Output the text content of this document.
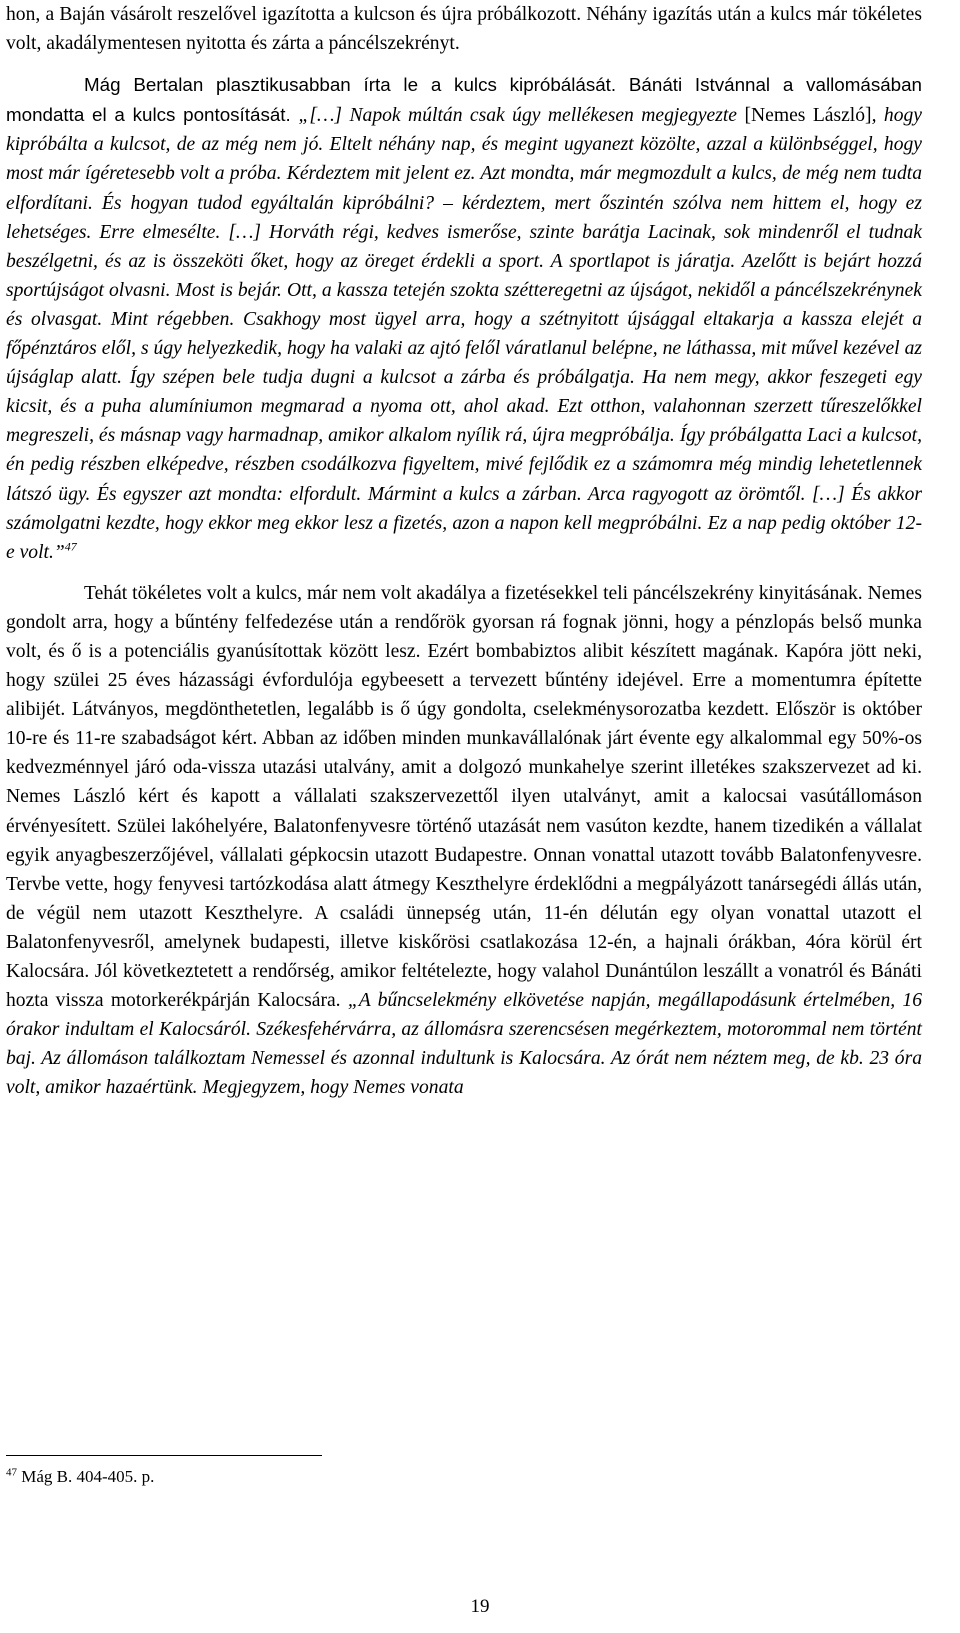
hon, a Baján vásárolt reszelővel igazította a kulcson és újra próbálkozott. Néhány igazítás után a kulcs már tökéletes volt, akadálymentesen nyitotta és zárta a páncélszekrényt.

Mág Bertalan plasztikusabban írta le a kulcs kipróbálását. Bánáti Istvánnal a vallomásában mondatta el a kulcs pontosítását. „[…] Napok múltán csak úgy mellékesen megjegyezte [Nemes László], hogy kipróbálta a kulcsot, de az még nem jó. Eltelt néhány nap, és megint ugyanezt közölte, azzal a különbséggel, hogy most már ígéretesebb volt a próba. Kérdeztem mit jelent ez. Azt mondta, már megmozdult a kulcs, de még nem tudta elfordítani. És hogyan tudod egyáltalán kipróbálni? – kérdeztem, mert őszintén szólva nem hittem el, hogy ez lehetséges. Erre elmesélte. […] Horváth régi, kedves ismerőse, szinte barátja Lacinak, sok mindenről el tudnak beszélgetni, és az is összeköti őket, hogy az öreget érdekli a sport. A sportlapot is járatja. Azelőtt is bejárt hozzá sportújságot olvasni. Most is bejár. Ott, a kassza tetején szokta szétteregetni az újságot, nekidől a páncélszekrénynek és olvasgat. Mint régebben. Csakhogy most ügyel arra, hogy a szétnyitott újsággal eltakarja a kassza elejét a főpénztáros elől, s úgy helyezkedik, hogy ha valaki az ajtó felől váratlanul belépne, ne láthassa, mit művel kezével az újságlap alatt. Így szépen bele tudja dugni a kulcsot a zárba és próbálgatja. Ha nem megy, akkor feszegeti egy kicsit, és a puha alumíniumon megmarad a nyoma ott, ahol akad. Ezt otthon, valahonnan szerzett tűreszelőkkel megreszeli, és másnap vagy harmadnap, amikor alkalom nyílik rá, újra megpróbálja. Így próbálgatta Laci a kulcsot, én pedig részben elképedve, részben csodálkozva figyeltem, mivé fejlődik ez a számomra még mindig lehetetlennek látszó ügy. És egyszer azt mondta: elfordult. Mármint a kulcs a zárban. Arca ragyogott az örömtől. […] És akkor számolgatni kezdte, hogy ekkor meg ekkor lesz a fizetés, azon a napon kell megpróbálni. Ez a nap pedig október 12-e volt.”$^{47}$

Tehát tökéletes volt a kulcs, már nem volt akadálya a fizetésekkel teli páncélszekrény kinyitásának. Nemes gondolt arra, hogy a bűntény felfedezése után a rendőrök gyorsan rá fognak jönni, hogy a pénzlopás belső munka volt, és ő is a potenciális gyanúsítottak között lesz. Ezért bombabiztos alibit készített magának. Kapóra jött neki, hogy szülei 25 éves házassági évfordulója egybeesett a tervezett bűntény idejével. Erre a momentumra építette alibijét. Látványos, megdönthetetlen, legalább is ő úgy gondolta, cselekménysorozatba kezdett. Először is október 10-re és 11-re szabadságot kért. Abban az időben minden munkavállalónak járt évente egy alkalommal egy 50%-os kedvezménnyel járó oda-vissza utazási utalvány, amit a dolgozó munkahelye szerint illetékes szakszervezet ad ki. Nemes László kért és kapott a vállalati szakszervezettől ilyen utalványt, amit a kalocsai vasútállomáson érvényesített. Szülei lakóhelyére, Balatonfenyvesre történő utazását nem vasúton kezdte, hanem tizedikén a vállalat egyik anyagbeszerzőjével, vállalati gépkocsin utazott Budapestre. Onnan vonattal utazott tovább Balatonfenyvesre. Tervbe vette, hogy fenyvesi tartózkodása alatt átmegy Keszthelyre érdeklődni a megpályázott tanársegédi állás után, de végül nem utazott Keszthelyre. A családi ünnepség után, 11-én délután egy olyan vonattal utazott el Balatonfenyvesről, amelynek budapesti, illetve kiskőrösi csatlakozása 12-én, a hajnali órákban, 4óra körül ért Kalocsára. Jól következtetett a rendőrség, amikor feltételezte, hogy valahol Dunántúlon leszállt a vonatról és Bánáti hozta vissza motorkerékpárján Kalocsára. „A bűncselekmény elkövetése napján, megállapodásunk értelmében, 16 órakor indultam el Kalocsáról. Székesfehérvárra, az állomásra szerencsésen megérkeztem, motorommal nem történt baj. Az állomáson találkoztam Nemessel és azonnal indultunk is Kalocsára. Az órát nem néztem meg, de kb. 23 óra volt, amikor hazaértünk. Megjegyzem, hogy Nemes vonata

$^{47}$ Mág B. 404-405. p.
19
